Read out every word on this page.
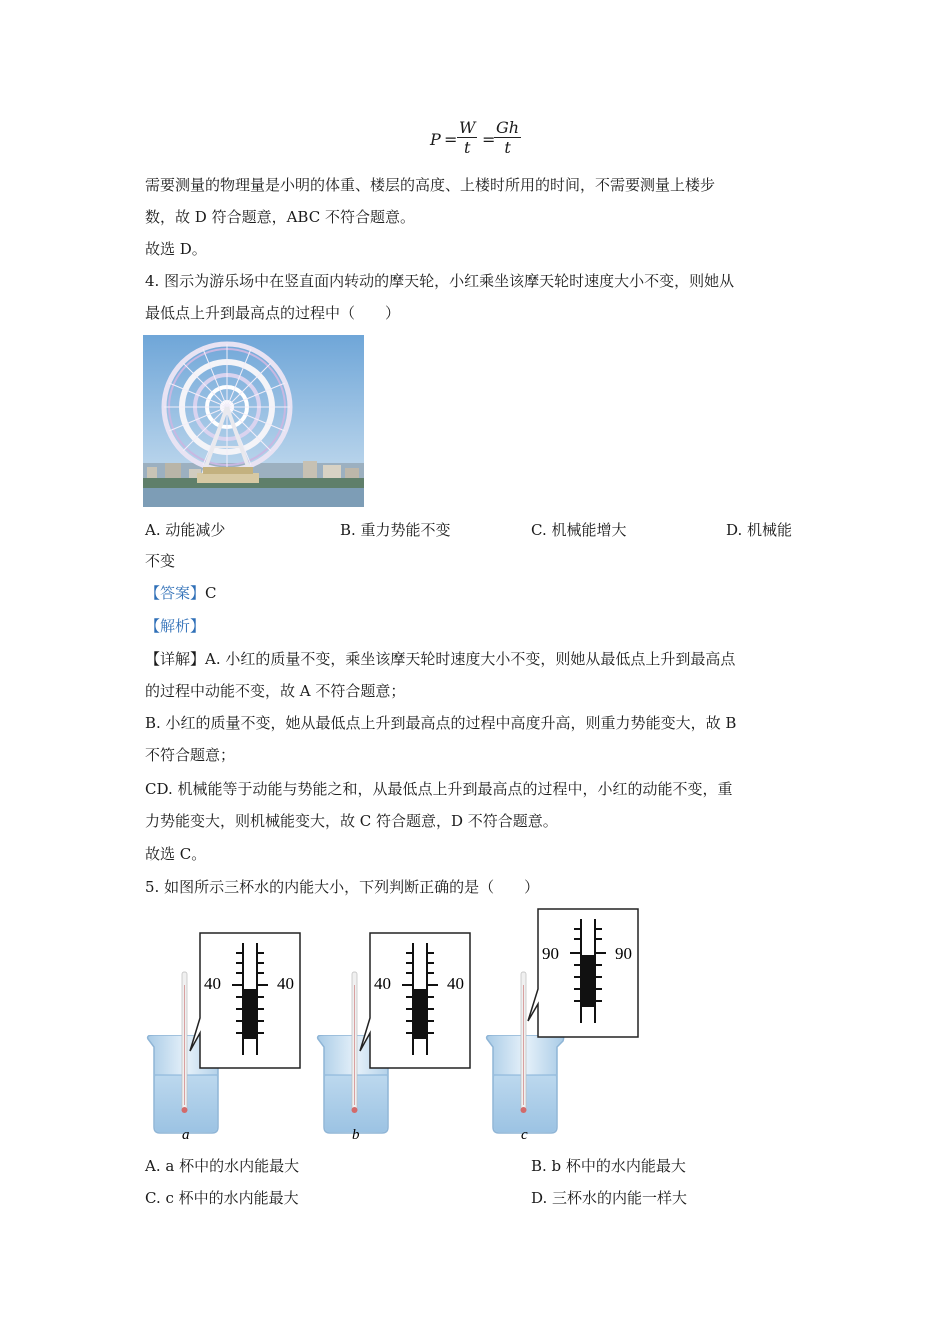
$P = \frac{W}{t}$ =
$\frac{Gh}{t}$
需要测量的物理量是小明的体重、楼层的高度、上楼时所用的时间，不需要测量上楼步
数，故 D 符合题意，ABC 不符合题意。
故选 D。
4. 图示为游乐场中在竖直面内转动的摩天轮，小红乘坐该摩天轮时速度大小不变，则她从
最低点上升到最高点的过程中（　　）
A. 动能减少	B. 重力势能不变	C. 机械能增大	D. 机械能
不变
【答案】C
【解析】
【详解】A. 小红的质量不变，乘坐该摩天轮时速度大小不变，则她从最低点上升到最高点
的过程中动能不变，故 A 不符合题意；
B. 小红的质量不变，她从最低点上升到最高点的过程中高度升高，则重力势能变大，故 B
不符合题意；
CD. 机械能等于动能与势能之和，从最低点上升到最高点的过程中，小红的动能不变，重
力势能变大，则机械能变大，故 C 符合题意，D 不符合题意。
故选 C。
5. 如图所示三杯水的内能大小，下列判断正确的是（　　）
40	40
a
40	40
b
90	90
c
A. a 杯中的水内能最大	B. b 杯中的水内能最大
C. c 杯中的水内能最大	D. 三杯水的内能一样大
